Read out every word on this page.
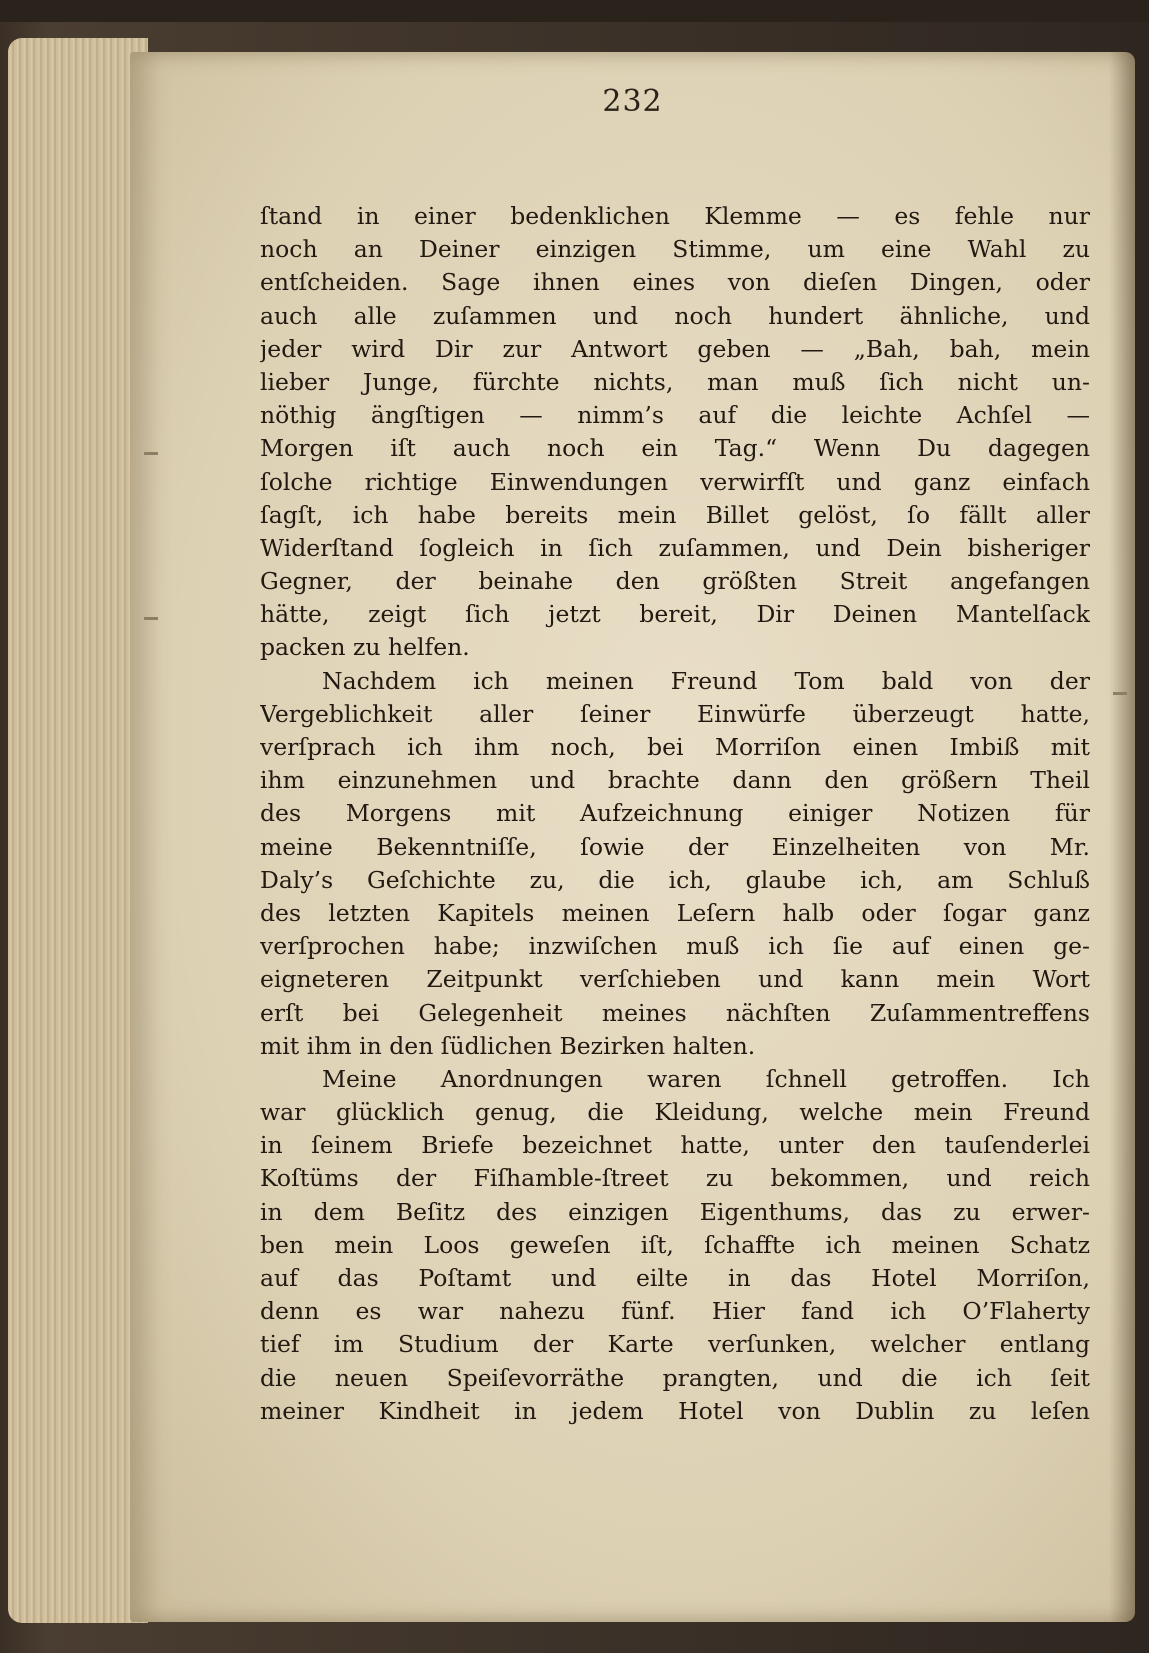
232
ſtand in einer bedenklichen Klemme — es fehle nur
noch an Deiner einzigen Stimme, um eine Wahl zu
entſcheiden. Sage ihnen eines von dieſen Dingen, oder
auch alle zuſammen und noch hundert ähnliche, und
jeder wird Dir zur Antwort geben — „Bah, bah, mein
lieber Junge, fürchte nichts, man muß ſich nicht un-
nöthig ängſtigen — nimm’s auf die leichte Achſel —
Morgen iſt auch noch ein Tag.“ Wenn Du dagegen
ſolche richtige Einwendungen verwirfſt und ganz einfach
ſagſt, ich habe bereits mein Billet gelöst, ſo fällt aller
Widerſtand ſogleich in ſich zuſammen, und Dein bisheriger
Gegner, der beinahe den größten Streit angefangen
hätte, zeigt ſich jetzt bereit, Dir Deinen Mantelſack
packen zu helfen.
Nachdem ich meinen Freund Tom bald von der
Vergeblichkeit aller ſeiner Einwürfe überzeugt hatte,
verſprach ich ihm noch, bei Morriſon einen Imbiß mit
ihm einzunehmen und brachte dann den größern Theil
des Morgens mit Aufzeichnung einiger Notizen für
meine Bekenntniſſe, ſowie der Einzelheiten von Mr.
Daly’s Geſchichte zu, die ich, glaube ich, am Schluß
des letzten Kapitels meinen Leſern halb oder ſogar ganz
verſprochen habe; inzwiſchen muß ich ſie auf einen ge-
eigneteren Zeitpunkt verſchieben und kann mein Wort
erſt bei Gelegenheit meines nächſten Zuſammentreffens
mit ihm in den ſüdlichen Bezirken halten.
Meine Anordnungen waren ſchnell getroffen. Ich
war glücklich genug, die Kleidung, welche mein Freund
in ſeinem Briefe bezeichnet hatte, unter den tauſenderlei
Koſtüms der Fiſhamble-ſtreet zu bekommen, und reich
in dem Beſitz des einzigen Eigenthums, das zu erwer-
ben mein Loos geweſen iſt, ſchaffte ich meinen Schatz
auf das Poſtamt und eilte in das Hotel Morriſon,
denn es war nahezu fünf. Hier fand ich O’Flaherty
tief im Studium der Karte verſunken, welcher entlang
die neuen Speiſevorräthe prangten, und die ich ſeit
meiner Kindheit in jedem Hotel von Dublin zu leſen
